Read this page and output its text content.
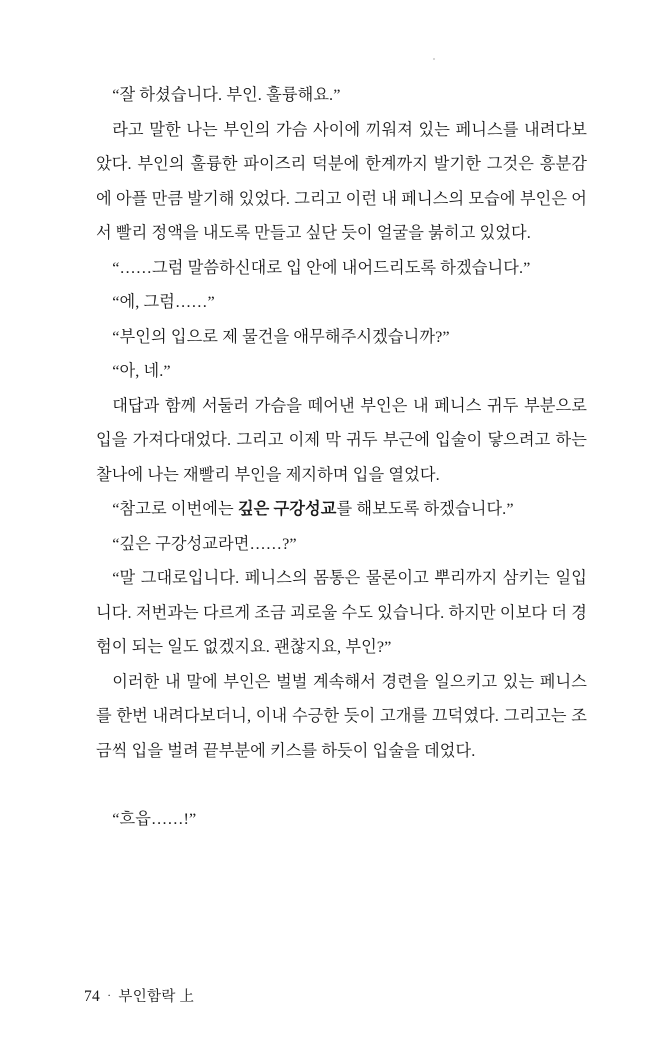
“잘 하셨습니다. 부인. 훌륭해요.”

라고 말한 나는 부인의 가슴 사이에 끼워져 있는 페니스를 내려다보았다. 부인의 훌륭한 파이즈리 덕분에 한계까지 발기한 그것은 흥분감에 아플 만큼 발기해 있었다. 그리고 이런 내 페니스의 모습에 부인은 어서 빨리 정액을 내도록 만들고 싶단 듯이 얼굴을 붉히고 있었다.

“……그럼 말씀하신대로 입 안에 내어드리도록 하겠습니다.”

“에, 그럼……”

“부인의 입으로 제 물건을 애무해주시겠습니까?”

“아, 네.”

대답과 함께 서둘러 가슴을 떼어낸 부인은 내 페니스 귀두 부분으로 입을 가져다대었다. 그리고 이제 막 귀두 부근에 입술이 닿으려고 하는 찰나에 나는 재빨리 부인을 제지하며 입을 열었다.

“참고로 이번에는 깊은 구강성교를 해보도록 하겠습니다.”

“깊은 구강성교라면……?”

“말 그대로입니다. 페니스의 몸통은 물론이고 뿌리까지 삼키는 일입니다. 저번과는 다르게 조금 괴로울 수도 있습니다. 하지만 이보다 더 경험이 되는 일도 없겠지요. 괜찮지요, 부인?”

이러한 내 말에 부인은 벌벌 계속해서 경련을 일으키고 있는 페니스를 한번 내려다보더니, 이내 수긍한 듯이 고개를 끄덕였다. 그리고는 조금씩 입을 벌려 끝부분에 키스를 하듯이 입술을 데었다.

“흐읍……!”

74 · 부인함락 上
